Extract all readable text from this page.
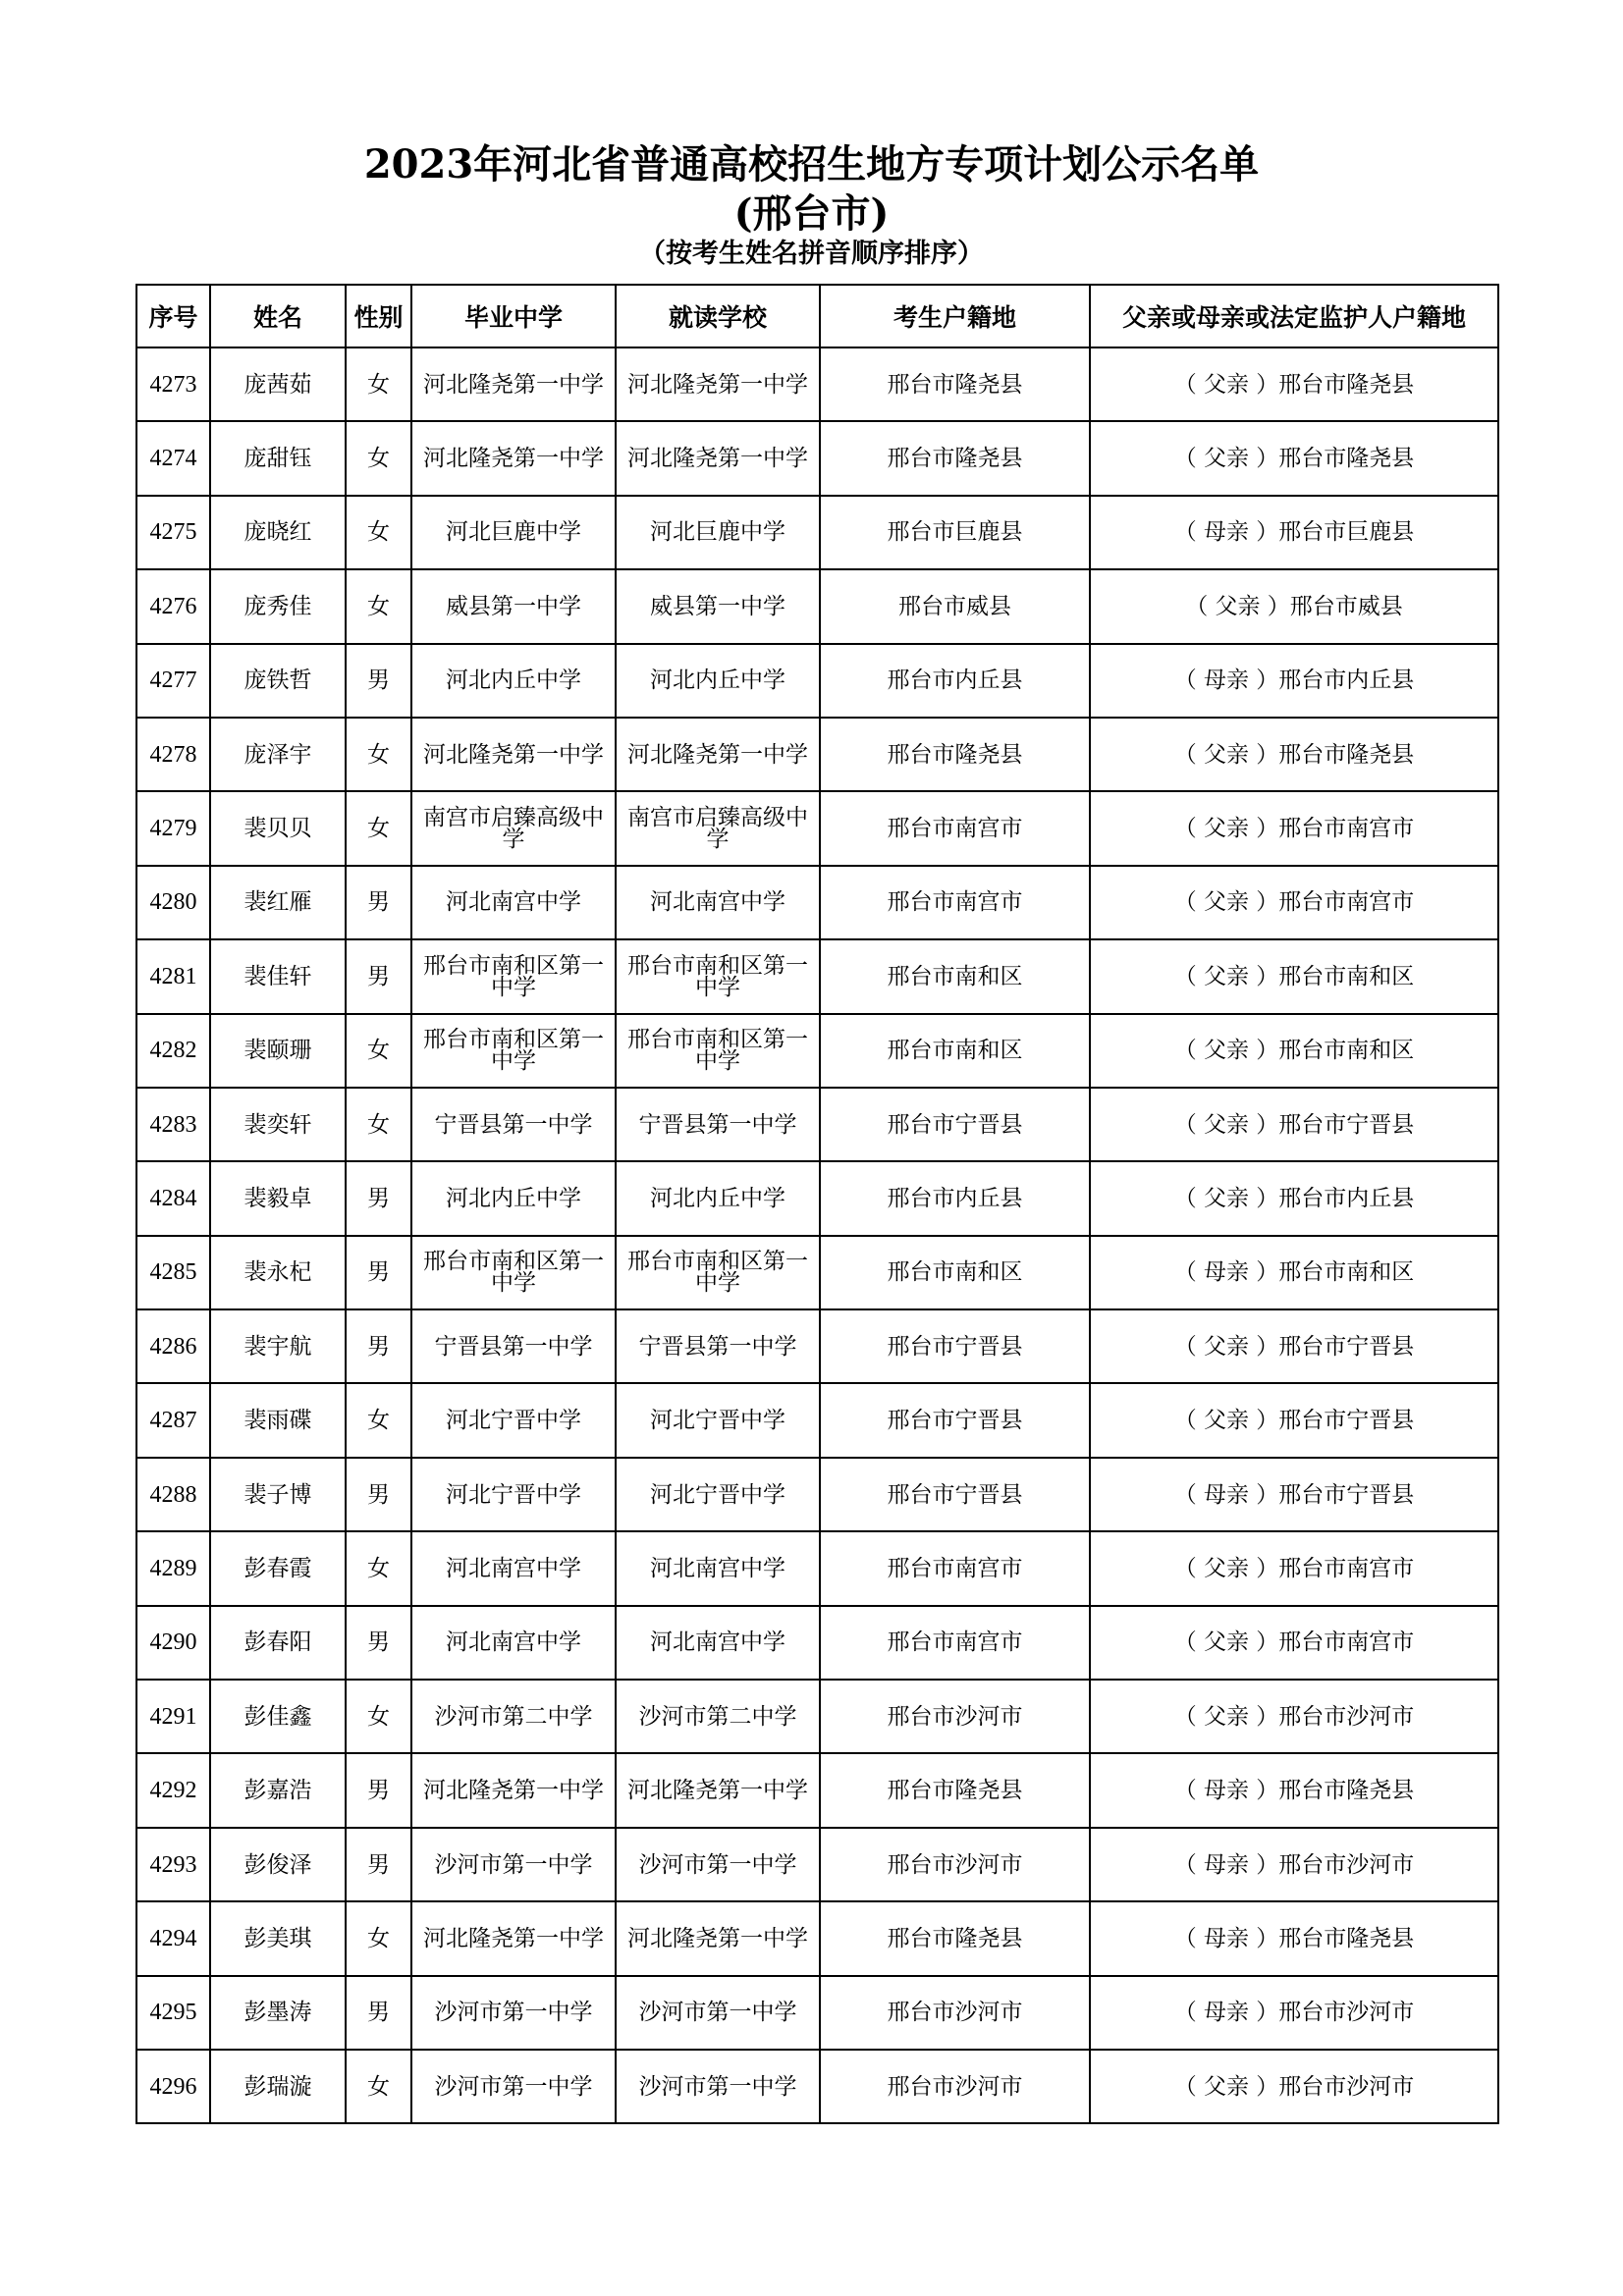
2023年河北省普通高校招生地方专项计划公示名单
(邢台市)
（按考生姓名拼音顺序排序）
序号	姓名	性别	毕业中学	就读学校	考生户籍地	父亲或母亲或法定监护人户籍地
4273	庞茜茹	女	河北隆尧第一中学	河北隆尧第一中学	邢台市隆尧县	（ 父亲 ）邢台市隆尧县
4274	庞甜钰	女	河北隆尧第一中学	河北隆尧第一中学	邢台市隆尧县	（ 父亲 ）邢台市隆尧县
4275	庞晓红	女	河北巨鹿中学	河北巨鹿中学	邢台市巨鹿县	（ 母亲 ）邢台市巨鹿县
4276	庞秀佳	女	威县第一中学	威县第一中学	邢台市威县	（ 父亲 ）邢台市威县
4277	庞铁哲	男	河北内丘中学	河北内丘中学	邢台市内丘县	（ 母亲 ）邢台市内丘县
4278	庞泽宇	女	河北隆尧第一中学	河北隆尧第一中学	邢台市隆尧县	（ 父亲 ）邢台市隆尧县
4279	裴贝贝	女	南宫市启臻高级中学	南宫市启臻高级中学	邢台市南宫市	（ 父亲 ）邢台市南宫市
4280	裴红雁	男	河北南宫中学	河北南宫中学	邢台市南宫市	（ 父亲 ）邢台市南宫市
4281	裴佳轩	男	邢台市南和区第一中学	邢台市南和区第一中学	邢台市南和区	（ 父亲 ）邢台市南和区
4282	裴颐珊	女	邢台市南和区第一中学	邢台市南和区第一中学	邢台市南和区	（ 父亲 ）邢台市南和区
4283	裴奕轩	女	宁晋县第一中学	宁晋县第一中学	邢台市宁晋县	（ 父亲 ）邢台市宁晋县
4284	裴毅卓	男	河北内丘中学	河北内丘中学	邢台市内丘县	（ 父亲 ）邢台市内丘县
4285	裴永杞	男	邢台市南和区第一中学	邢台市南和区第一中学	邢台市南和区	（ 母亲 ）邢台市南和区
4286	裴宇航	男	宁晋县第一中学	宁晋县第一中学	邢台市宁晋县	（ 父亲 ）邢台市宁晋县
4287	裴雨碟	女	河北宁晋中学	河北宁晋中学	邢台市宁晋县	（ 父亲 ）邢台市宁晋县
4288	裴子博	男	河北宁晋中学	河北宁晋中学	邢台市宁晋县	（ 母亲 ）邢台市宁晋县
4289	彭春霞	女	河北南宫中学	河北南宫中学	邢台市南宫市	（ 父亲 ）邢台市南宫市
4290	彭春阳	男	河北南宫中学	河北南宫中学	邢台市南宫市	（ 父亲 ）邢台市南宫市
4291	彭佳鑫	女	沙河市第二中学	沙河市第二中学	邢台市沙河市	（ 父亲 ）邢台市沙河市
4292	彭嘉浩	男	河北隆尧第一中学	河北隆尧第一中学	邢台市隆尧县	（ 母亲 ）邢台市隆尧县
4293	彭俊泽	男	沙河市第一中学	沙河市第一中学	邢台市沙河市	（ 母亲 ）邢台市沙河市
4294	彭美琪	女	河北隆尧第一中学	河北隆尧第一中学	邢台市隆尧县	（ 母亲 ）邢台市隆尧县
4295	彭墨涛	男	沙河市第一中学	沙河市第一中学	邢台市沙河市	（ 母亲 ）邢台市沙河市
4296	彭瑞漩	女	沙河市第一中学	沙河市第一中学	邢台市沙河市	（ 父亲 ）邢台市沙河市
